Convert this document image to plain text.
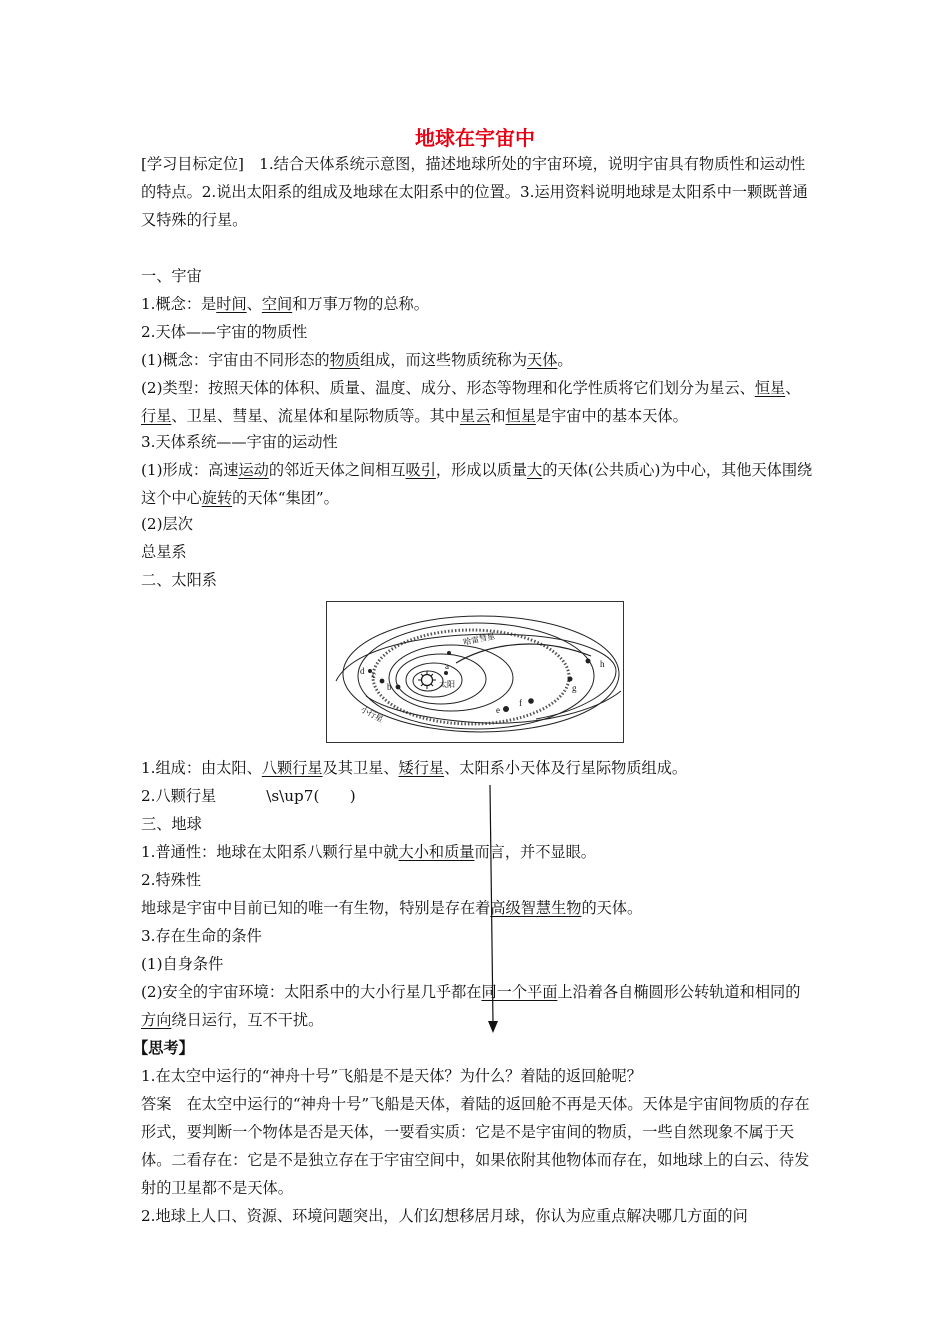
地球在宇宙中
[学习目标定位]　 1.结合天体系统示意图，描述地球所处的宇宙环境，说明宇宙具有物质性和运动性的特点。2.说出太阳系的组成及地球在太阳系中的位置。3.运用资料说明地球是太阳系中一颗既普通又特殊的行星。
一、宇宙
1.概念：是时间、空间和万事万物的总称。
2.天体——宇宙的物质性
(1)概念：宇宙由不同形态的物质组成，而这些物质统称为天体。
(2)类型：按照天体的体积、质量、温度、成分、形态等物理和化学性质将它们划分为星云、恒星、行星、卫星、彗星、流星体和星际物质等。其中星云和恒星是宇宙中的基本天体。
3.天体系统——宇宙的运动性
(1)形成：高速运动的邻近天体之间相互吸引，形成以质量大的天体(公共质心)为中心，其他天体围绕这个中心旋转的天体“集团”。
(2)层次
总星系
二、太阳系
太阳
哈雷彗星
小行星
a
b
c
d
e
f
g
h
1.组成：由太阳、八颗行星及其卫星、矮行星、太阳系小天体及行星际物质组成。
2.八颗行星	\s\up7(　　)
三、地球
1.普通性：地球在太阳系八颗行星中就大小和质量而言，并不显眼。
2.特殊性
地球是宇宙中目前已知的唯一有生物，特别是存在着高级智慧生物的天体。
3.存在生命的条件
(1)自身条件
(2)安全的宇宙环境：太阳系中的大小行星几乎都在同一个平面上沿着各自椭圆形公转轨道和相同的方向绕日运行，互不干扰。
【思考】
1.在太空中运行的“神舟十号”飞船是不是天体？为什么？着陆的返回舱呢？
答案　在太空中运行的“神舟十号”飞船是天体，着陆的返回舱不再是天体。天体是宇宙间物质的存在形式，要判断一个物体是否是天体，一要看实质：它是不是宇宙间的物质，一些自然现象不属于天体。二看存在：它是不是独立存在于宇宙空间中，如果依附其他物体而存在，如地球上的白云、待发射的卫星都不是天体。
2.地球上人口、资源、环境问题突出，人们幻想移居月球，你认为应重点解决哪几方面的问
